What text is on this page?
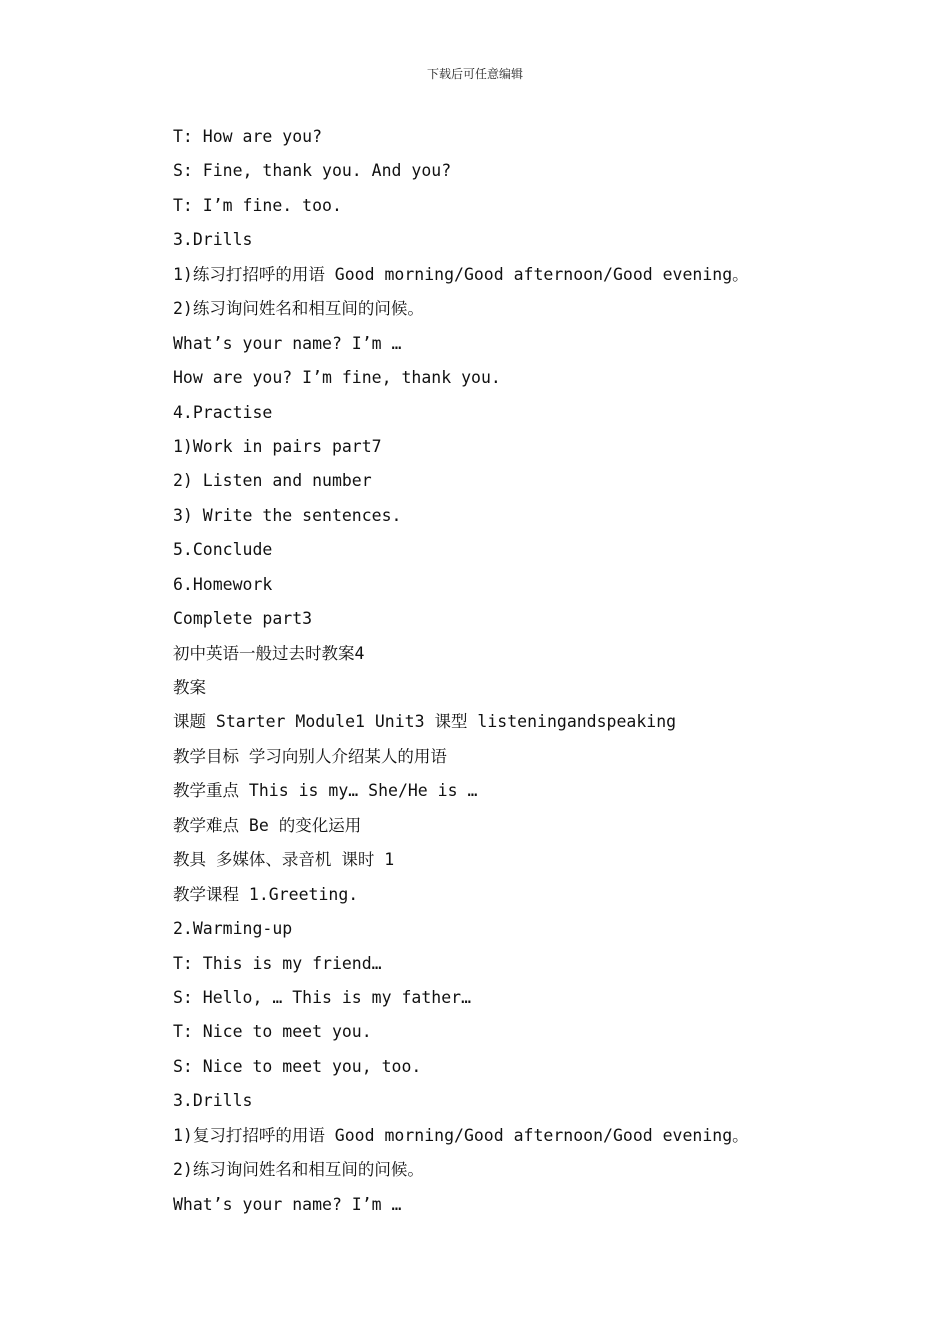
下载后可任意编辑
T: How are you?
S: Fine, thank you. And you?
T: I’m fine. too.
3.Drills
1)练习打招呼的用语 Good morning/Good afternoon/Good evening。
2)练习询问姓名和相互间的问候。
What’s your name? I’m …
How are you? I’m fine, thank you.
4.Practise
1)Work in pairs part7
2) Listen and number
3) Write the sentences.
5.Conclude
6.Homework
Complete part3
初中英语一般过去时教案4
教案
课题 Starter Module1 Unit3 课型 listeningandspeaking
教学目标 学习向别人介绍某人的用语
教学重点 This is my… She/He is …
教学难点 Be 的变化运用
教具 多媒体、录音机 课时 1
教学课程 1.Greeting.
2.Warming-up
T: This is my friend…
S: Hello, … This is my father…
T: Nice to meet you.
S: Nice to meet you, too.
3.Drills
1)复习打招呼的用语 Good morning/Good afternoon/Good evening。
2)练习询问姓名和相互间的问候。
What’s your name? I’m …
